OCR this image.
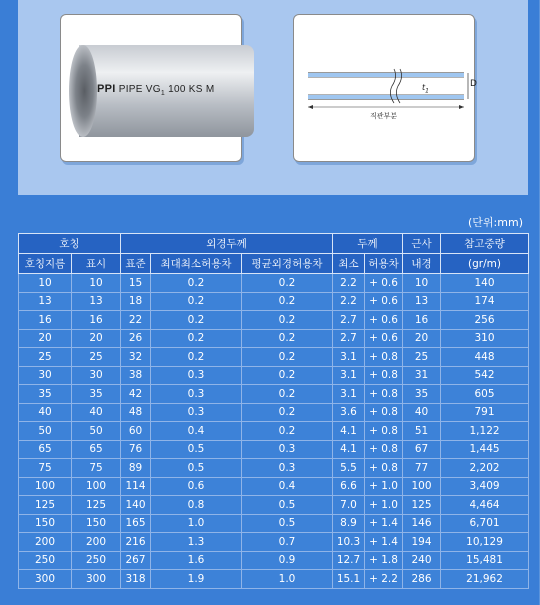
PPI PIPE $VG_1$ 100 KS M	D
$t_1$
직관부분
(단위:mm)
호칭		외경두께			두께		근사	참고중량
호칭지름	표시	표준	최대최소허용차	평균외경허용차	최소	허용차	내경	(gr/m)
10	10	15	0.2	0.2	2.2	+ 0.6	10	140
13	13	18	0.2	0.2	2.2	+ 0.6	13	174
16	16	22	0.2	0.2	2.7	+ 0.6	16	256
20	20	26	0.2	0.2	2.7	+ 0.6	20	310
25	25	32	0.2	0.2	3.1	+ 0.8	25	448
30	30	38	0.3	0.2	3.1	+ 0.8	31	542
35	35	42	0.3	0.2	3.1	+ 0.8	35	605
40	40	48	0.3	0.2	3.6	+ 0.8	40	791
50	50	60	0.4	0.2	4.1	+ 0.8	51	1,122
65	65	76	0.5	0.3	4.1	+ 0.8	67	1,445
75	75	89	0.5	0.3	5.5	+ 0.8	77	2,202
100	100	114	0.6	0.4	6.6	+ 1.0	100	3,409
125	125	140	0.8	0.5	7.0	+ 1.0	125	4,464
150	150	165	1.0	0.5	8.9	+ 1.4	146	6,701
200	200	216	1.3	0.7	10.3	+ 1.4	194	10,129
250	250	267	1.6	0.9	12.7	+ 1.8	240	15,481
300	300	318	1.9	1.0	15.1	+ 2.2	286	21,962
